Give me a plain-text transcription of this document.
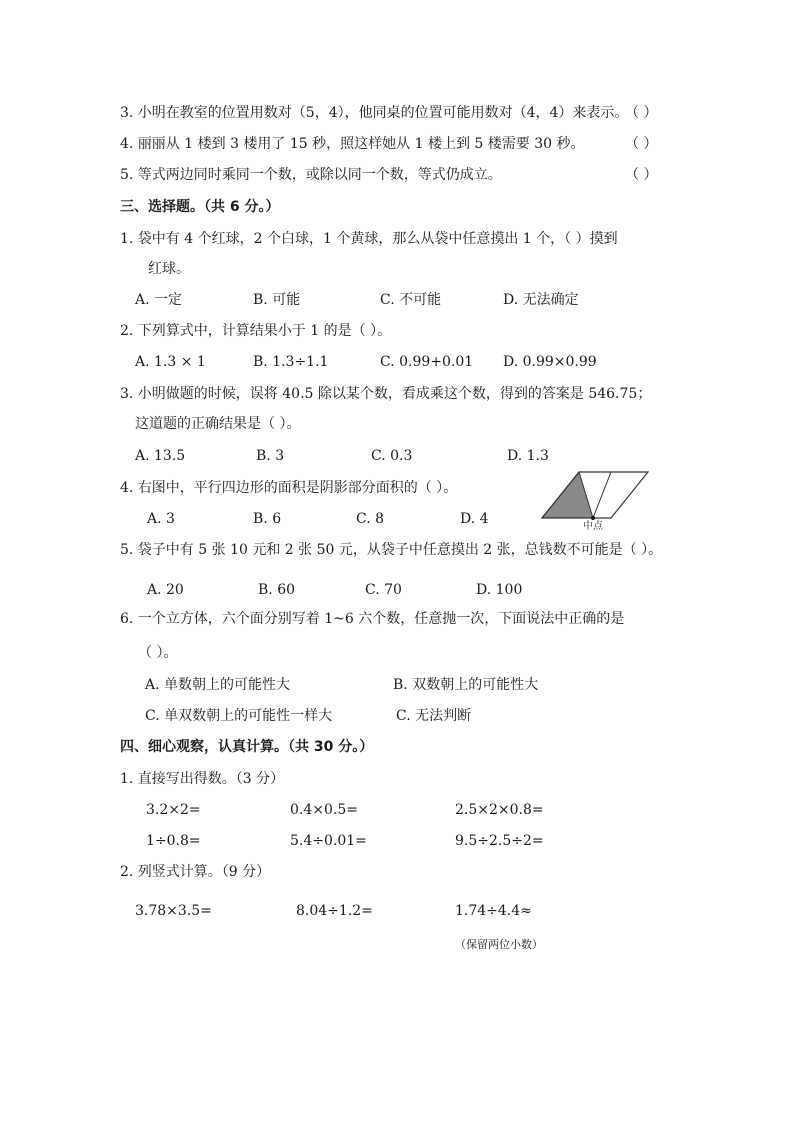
3. 小明在教室的位置用数对（5，4），他同桌的位置可能用数对（4，4）来表示。
（ ）
4. 丽丽从 1 楼到 3 楼用了 15 秒，照这样她从 1 楼上到 5 楼需要 30 秒。	（ ）
5. 等式两边同时乘同一个数，或除以同一个数，等式仍成立。	（ ）
三、选择题。（共 6 分。）
1. 袋中有 4 个红球，2 个白球，1 个黄球，那么从袋中任意摸出 1 个，（ ）摸到
红球。
A. 一定	B. 可能	C. 不可能	D. 无法确定
2. 下列算式中，计算结果小于 1 的是（ ）。
A. 1.3 × 1	B. 1.3÷1.1	C. 0.99+0.01 D. 0.99×0.99
3. 小明做题的时候，误将 40.5 除以某个数，看成乘这个数，得到的答案是 546.75；
这道题的正确结果是（ ）。
A. 13.5	B. 3	C. 0.3	D. 1.3
4. 右图中，平行四边形的面积是阴影部分面积的（ ）。
A. 3	B. 6	C. 8	D. 4	中点
5. 袋子中有 5 张 10 元和 2 张 50 元，从袋子中任意摸出 2 张，总钱数不可能是（ ）。
A. 20	B. 60	C. 70	D. 100
6. 一个立方体，六个面分别写着 1~6 六个数，任意抛一次，下面说法中正确的是
（ ）。
A. 单数朝上的可能性大	B. 双数朝上的可能性大
C. 单双数朝上的可能性一样大	C. 无法判断
四、细心观察，认真计算。（共 30 分。）
1. 直接写出得数。（3 分）
3.2×2=	0.4×0.5=	2.5×2×0.8=
1÷0.8=	5.4÷0.01=	9.5÷2.5÷2=
2. 列竖式计算。（9 分）
3.78×3.5=	8.04÷1.2=	1.74÷4.4≈
（保留两位小数）
